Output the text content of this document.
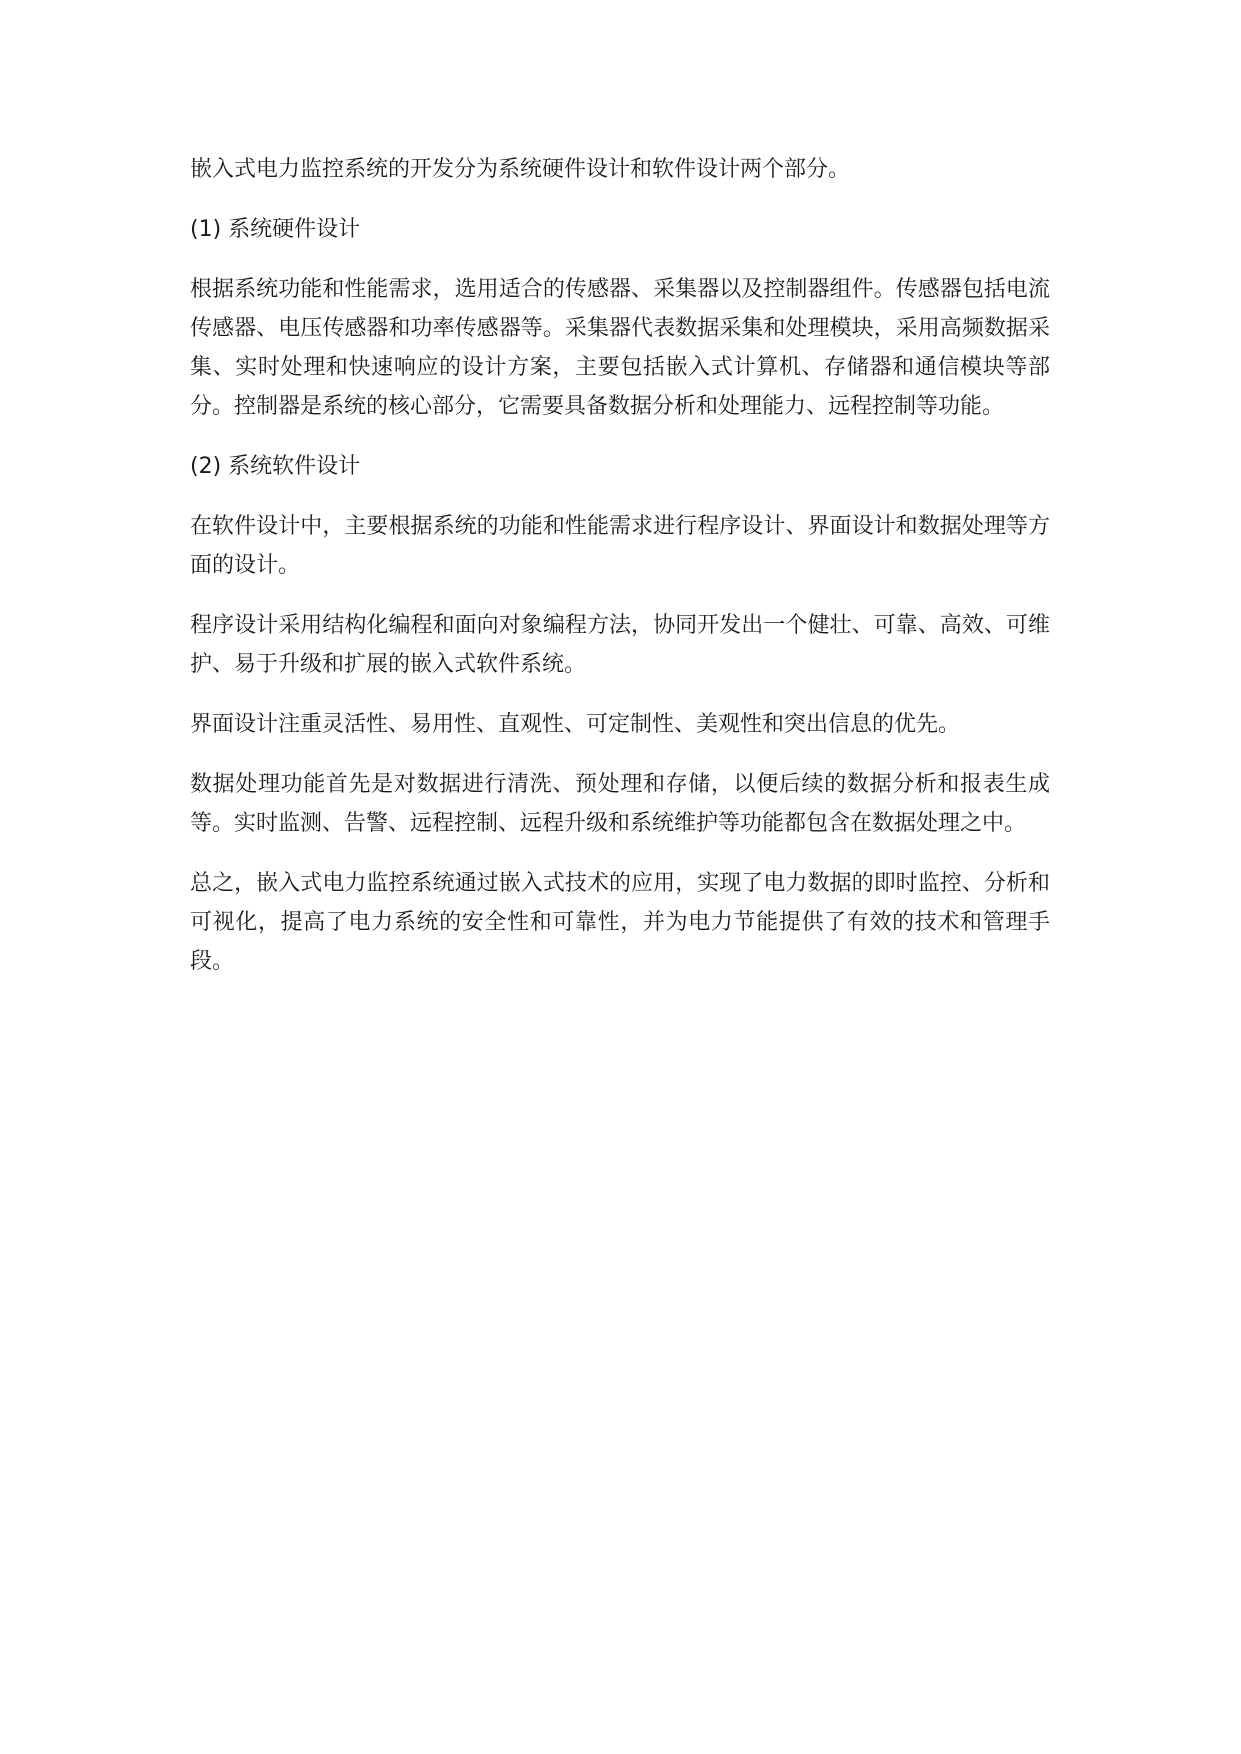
嵌入式电力监控系统的开发分为系统硬件设计和软件设计两个部分。

(1) 系统硬件设计

根据系统功能和性能需求，选用适合的传感器、采集器以及控制器组件。传感器包括电流传感器、电压传感器和功率传感器等。采集器代表数据采集和处理模块，采用高频数据采集、实时处理和快速响应的设计方案，主要包括嵌入式计算机、存储器和通信模块等部分。控制器是系统的核心部分，它需要具备数据分析和处理能力、远程控制等功能。

(2) 系统软件设计

在软件设计中，主要根据系统的功能和性能需求进行程序设计、界面设计和数据处理等方面的设计。

程序设计采用结构化编程和面向对象编程方法，协同开发出一个健壮、可靠、高效、可维护、易于升级和扩展的嵌入式软件系统。

界面设计注重灵活性、易用性、直观性、可定制性、美观性和突出信息的优先。

数据处理功能首先是对数据进行清洗、预处理和存储，以便后续的数据分析和报表生成等。实时监测、告警、远程控制、远程升级和系统维护等功能都包含在数据处理之中。

总之，嵌入式电力监控系统通过嵌入式技术的应用，实现了电力数据的即时监控、分析和可视化，提高了电力系统的安全性和可靠性，并为电力节能提供了有效的技术和管理手段。
